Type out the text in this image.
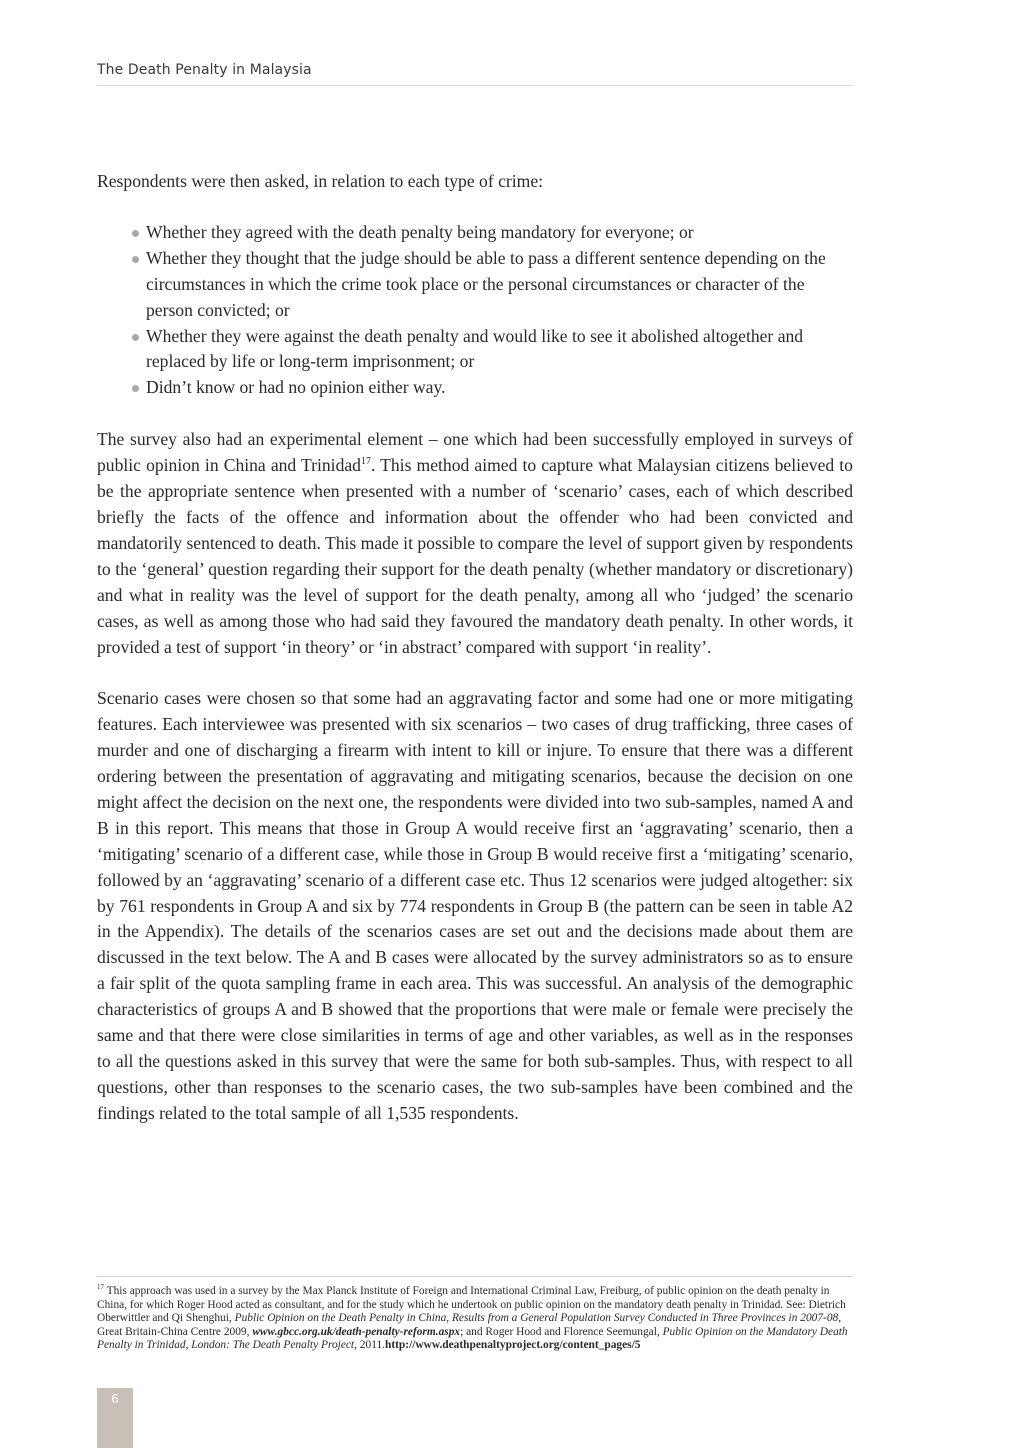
The Death Penalty in Malaysia

Respondents were then asked, in relation to each type of crime:

Whether they agreed with the death penalty being mandatory for everyone; or
Whether they thought that the judge should be able to pass a different sentence depending on the circumstances in which the crime took place or the personal circumstances or character of the person convicted; or
Whether they were against the death penalty and would like to see it abolished altogether and replaced by life or long-term imprisonment; or
Didn’t know or had no opinion either way.

The survey also had an experimental element – one which had been successfully employed in surveys of public opinion in China and Trinidad$^{17}$. This method aimed to capture what Malaysian citizens believed to be the appropriate sentence when presented with a number of ‘scenario’ cases, each of which described briefly the facts of the offence and information about the offender who had been convicted and mandatorily sentenced to death. This made it possible to compare the level of support given by respondents to the ‘general’ question regarding their support for the death penalty (whether mandatory or discretionary) and what in reality was the level of support for the death penalty, among all who ‘judged’ the scenario cases, as well as among those who had said they favoured the mandatory death penalty. In other words, it provided a test of support ‘in theory’ or ‘in abstract’ compared with support ‘in reality’.

Scenario cases were chosen so that some had an aggravating factor and some had one or more mitigating features. Each interviewee was presented with six scenarios – two cases of drug trafficking, three cases of murder and one of discharging a firearm with intent to kill or injure. To ensure that there was a different ordering between the presentation of aggravating and mitigating scenarios, because the decision on one might affect the decision on the next one, the respondents were divided into two sub-samples, named A and B in this report. This means that those in Group A would receive first an ‘aggravating’ scenario, then a ‘mitigating’ scenario of a different case, while those in Group B would receive first a ‘mitigating’ scenario, followed by an ‘aggravating’ scenario of a different case etc. Thus 12 scenarios were judged altogether: six by 761 respondents in Group A and six by 774 respondents in Group B (the pattern can be seen in table A2 in the Appendix). The details of the scenarios cases are set out and the decisions made about them are discussed in the text below. The A and B cases were allocated by the survey administrators so as to ensure a fair split of the quota sampling frame in each area. This was successful. An analysis of the demographic characteristics of groups A and B showed that the proportions that were male or female were precisely the same and that there were close similarities in terms of age and other variables, as well as in the responses to all the questions asked in this survey that were the same for both sub-samples. Thus, with respect to all questions, other than responses to the scenario cases, the two sub-samples have been combined and the findings related to the total sample of all 1,535 respondents.

$^{17}$ This approach was used in a survey by the Max Planck Institute of Foreign and International Criminal Law, Freiburg, of public opinion on the death penalty in China, for which Roger Hood acted as consultant, and for the study which he undertook on public opinion on the mandatory death penalty in Trinidad. See: Dietrich Oberwittler and Qi Shenghui, Public Opinion on the Death Penalty in China, Results from a General Population Survey Conducted in Three Provinces in 2007-08, Great Britain-China Centre 2009, www.gbcc.org.uk/death-penalty-reform.aspx; and Roger Hood and Florence Seemungal, Public Opinion on the Mandatory Death Penalty in Trinidad, London: The Death Penalty Project, 2011.http://www.deathpenaltyproject.org/content_pages/5
6
